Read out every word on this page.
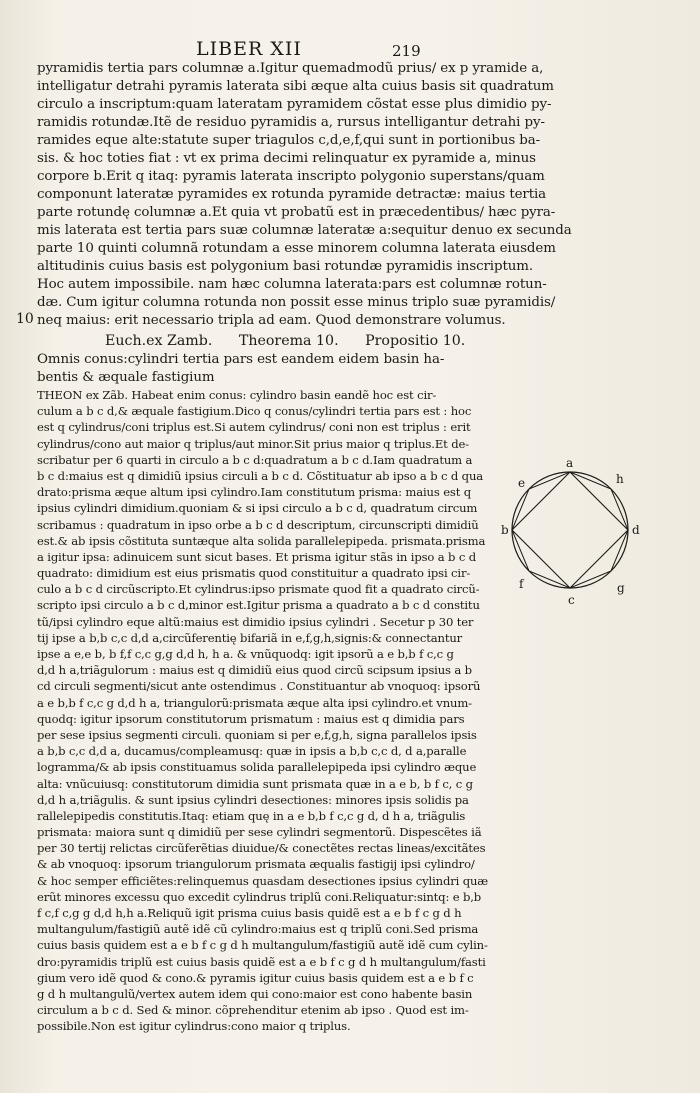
LIBER XII	219
pyramidis tertia pars columnæ a.Igitur quemadmodũ prius/ ex p yramide a,
intelligatur detrahi pyramis laterata sibi æque alta cuius basis sit quadratum
circulo a inscriptum:quam lateratam pyramidem cõstat esse plus dimidio py-
ramidis rotundæ.Itẽ de residuo pyramidis a, rursus intelligantur detrahi py-
ramides eque alte:statute super triagulos c,d,e,f,qui sunt in portionibus ba-
sis. & hoc toties fiat : vt ex prima decimi relinquatur ex pyramide a, minus
corpore b.Erit q itaq: pyramis laterata inscripto polygonio superstans/quam
componunt lateratæ pyramides ex rotunda pyramide detractæ: maius tertia
parte rotundę columnæ a.Et quia vt probatũ est in præcedentibus/ hæc pyra-
mis laterata est tertia pars suæ columnæ lateratæ a:sequitur denuo ex secunda
parte 10 quinti columnã rotundam a esse minorem columna laterata eiusdem
altitudinis cuius basis est polygonium basi rotundæ pyramidis inscriptum.
Hoc autem impossibile. nam hæc columna laterata:pars est columnæ rotun-
dæ. Cum igitur columna rotunda non possit esse minus triplo suæ pyramidis/
neq maius: erit necessario tripla ad eam. Quod demonstrare volumus.
Euch.ex Zamb. Theorema 10. Propositio 10.
Omnis conus:cylindri tertia pars est eandem eidem basin ha-
bentis & æquale fastigium
THEON ex Zãb. Habeat enim conus: cylindro basin eandẽ hoc est cir-
culum a b c d,& æquale fastigium.Dico q conus/cylindri tertia pars est : hoc
est q cylindrus/coni triplus est.Si autem cylindrus/ coni non est triplus : erit
cylindrus/cono aut maior q triplus/aut minor.Sit prius maior q triplus.Et de-
scribatur per 6 quarti in circulo a b c d:quadratum a b c d.Iam quadratum a
b c d:maius est q dimidiũ ipsius circuli a b c d. Cõstituatur ab ipso a b c d qua
drato:prisma æque altum ipsi cylindro.Iam constitutum prisma: maius est q
ipsius cylindri dimidium.quoniam & si ipsi circulo a b c d, quadratum circum
scribamus : quadratum in ipso orbe a b c d descriptum, circunscripti dimidiũ
est.& ab ipsis cõstituta suntæque alta solida parallelepipeda. prismata.prisma
a igitur ipsa: adinuicem sunt sicut bases. Et prisma igitur stãs in ipso a b c d
quadrato: dimidium est eius prismatis quod constituitur a quadrato ipsi cir-
culo a b c d circũscripto.Et cylindrus:ipso prismate quod fit a quadrato circũ-
scripto ipsi circulo a b c d,minor est.Igitur prisma a quadrato a b c d constitu
tũ/ipsi cylindro eque altũ:maius est dimidio ipsius cylindri . Secetur p 30 ter
tij ipse a b,b c,c d,d a,circũferentię bifariã in e,f,g,h,signis:& connectantur
ipse a e,e b, b f,f c,c g,g d,d h, h a. & vnũquodq: igit ipsorũ a e b,b f c,c g
d,d h a,triãgulorum : maius est q dimidiũ eius quod circũ scipsum ipsius a b
cd circuli segmenti/sicut ante ostendimus . Constituantur ab vnoquoq: ipsorũ
a e b,b f c,c g d,d h a, triangulorũ:prismata æque alta ipsi cylindro.et vnum-
quodq: igitur ipsorum constitutorum prismatum : maius est q dimidia pars
per sese ipsius segmenti circuli. quoniam si per e,f,g,h, signa parallelos ipsis
a b,b c,c d,d a, ducamus/compleamusq: quæ in ipsis a b,b c,c d, d a,paralle
logramma/& ab ipsis constituamus solida parallelepipeda ipsi cylindro æque
alta: vnũcuiusq: constitutorum dimidia sunt prismata quæ in a e b, b f c, c g
d,d h a,triãgulis. & sunt ipsius cylindri desectiones: minores ipsis solidis pa
rallelepipedis constitutis.Itaq: etiam quę in a e b,b f c,c g d, d h a, triãgulis
prismata: maiora sunt q dimidiũ per sese cylindri segmentorũ. Dispescẽtes iã
per 30 tertij relictas circũferẽtias diuidue/& conectẽtes rectas lineas/excitãtes
& ab vnoquoq: ipsorum triangulorum prismata æqualis fastigij ipsi cylindro/
& hoc semper efficiẽtes:relinquemus quasdam desectiones ipsius cylindri quæ
erũt minores excessu quo excedit cylindrus triplũ coni.Reliquatur:sintq: e b,b
f c,f c,g g d,d h,h a.Reliquũ igit prisma cuius basis quidẽ est a e b f c g d h
multangulum/fastigiũ autẽ idẽ cũ cylindro:maius est q triplũ coni.Sed prisma
cuius basis quidem est a e b f c g d h multangulum/fastigiũ autẽ idẽ cum cylin-
dro:pyramidis triplũ est cuius basis quidẽ est a e b f c g d h multangulum/fasti
gium vero idẽ quod & cono.& pyramis igitur cuius basis quidem est a e b f c
g d h multangulũ/vertex autem idem qui cono:maior est cono habente basin
circulum a b c d. Sed & minor. cõprehenditur etenim ab ipso . Quod est im-
possibile.Non est igitur cylindrus:cono maior q triplus.
10
a
h
e
b	d
f	g
c
